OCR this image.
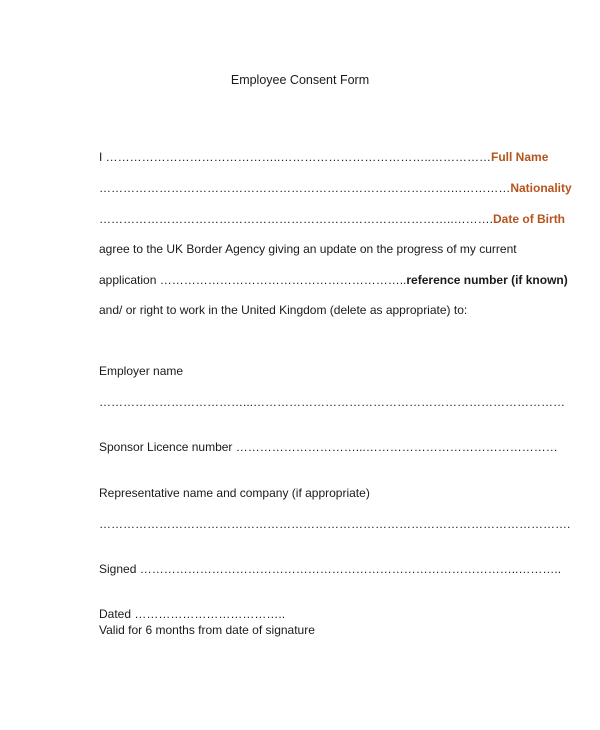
Employee Consent Form
I ……………………………………..………………………………..……………Full Name
…………………………………………………………………………….……………Nationality
……………………………………………………………………………..……….Date of Birth
agree to the UK Border Agency giving an update on the progress of my current
application ……………………………………………………..reference number (if known)
and/ or right to work in the United Kingdom (delete as appropriate) to:
Employer name
………………………………...……………………………………………………………………
Sponsor Licence number …………………………...…………………………………………
Representative name and company (if appropriate)
……………………………………………………………………………………………………….
Signed …………………………………………………………………………………..………..
Dated ………………………………..
Valid for 6 months from date of signature
